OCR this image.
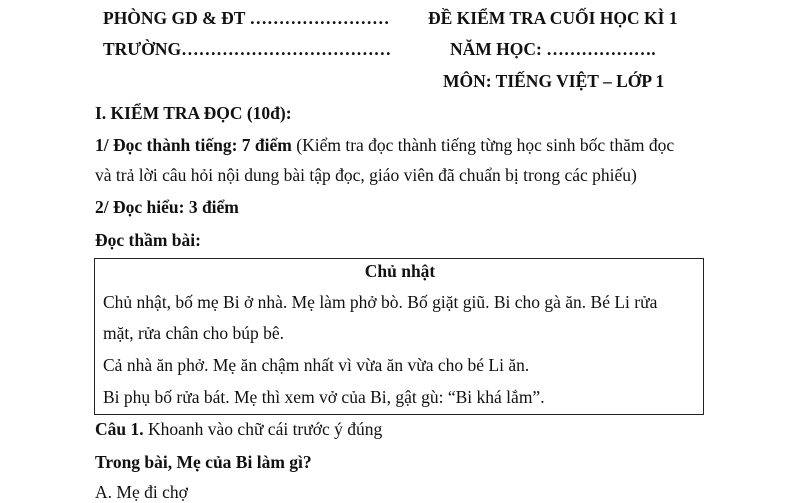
PHÒNG GD & ĐT …………………… ĐỀ KIỂM TRA CUỐI HỌC KÌ 1
TRƯỜNG………………………………	NĂM HỌC: ……………….
MÔN: TIẾNG VIỆT – LỚP 1
I. KIỂM TRA ĐỌC (10đ):
1/ Đọc thành tiếng: 7 điểm (Kiểm tra đọc thành tiếng từng học sinh bốc thăm đọc
và trả lời câu hỏi nội dung bài tập đọc, giáo viên đã chuẩn bị trong các phiếu)
2/ Đọc hiểu: 3 điểm
Đọc thầm bài:
Chủ nhật
Chủ nhật, bố mẹ Bi ở nhà. Mẹ làm phở bò. Bố giặt giũ. Bi cho gà ăn. Bé Li rửa
mặt, rửa chân cho búp bê.
Cả nhà ăn phở. Mẹ ăn chậm nhất vì vừa ăn vừa cho bé Li ăn.
Bi phụ bố rửa bát. Mẹ thì xem vở của Bi, gật gù: “Bi khá lắm”.
Câu 1. Khoanh vào chữ cái trước ý đúng
Trong bài, Mẹ của Bi làm gì?
A. Mẹ đi chợ
